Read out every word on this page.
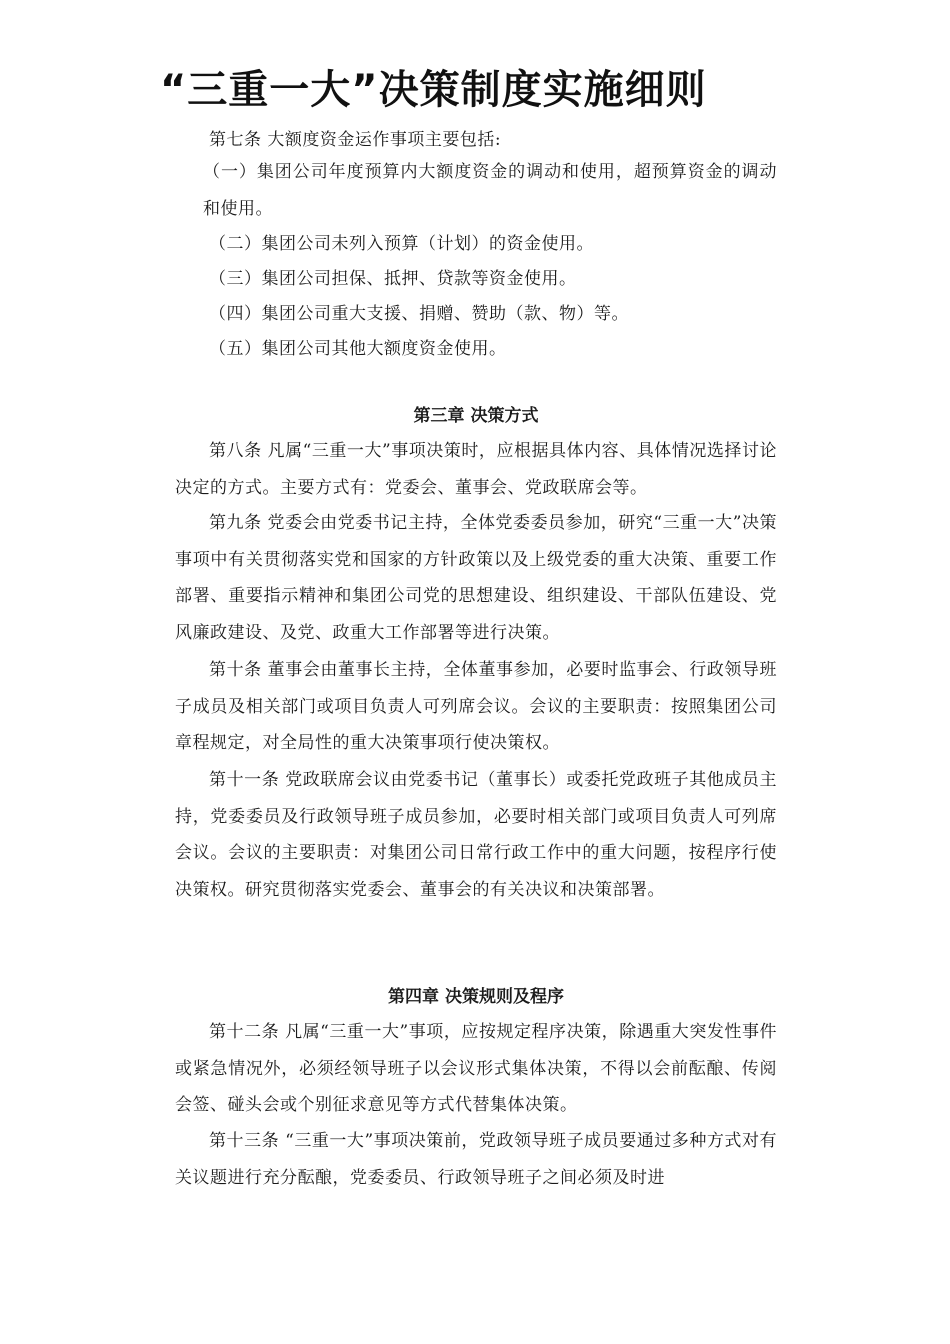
“三重一大”决策制度实施细则
第七条 大额度资金运作事项主要包括:
（一）集团公司年度预算内大额度资金的调动和使用，超预算资金的调动和使用。
（二）集团公司未列入预算（计划）的资金使用。
（三）集团公司担保、抵押、贷款等资金使用。
（四）集团公司重大支援、捐赠、赞助（款、物）等。
（五）集团公司其他大额度资金使用。
第三章 决策方式
第八条 凡属“三重一大”事项决策时，应根据具体内容、具体情况选择讨论决定的方式。主要方式有：党委会、董事会、党政联席会等。
第九条 党委会由党委书记主持，全体党委委员参加，研究“三重一大”决策事项中有关贯彻落实党和国家的方针政策以及上级党委的重大决策、重要工作部署、重要指示精神和集团公司党的思想建设、组织建设、干部队伍建设、党风廉政建设、及党、政重大工作部署等进行决策。
第十条 董事会由董事长主持，全体董事参加，必要时监事会、行政领导班子成员及相关部门或项目负责人可列席会议。会议的主要职责：按照集团公司章程规定，对全局性的重大决策事项行使决策权。
第十一条 党政联席会议由党委书记（董事长）或委托党政班子其他成员主持，党委委员及行政领导班子成员参加，必要时相关部门或项目负责人可列席会议。会议的主要职责：对集团公司日常行政工作中的重大问题，按程序行使决策权。研究贯彻落实党委会、董事会的有关决议和决策部署。
第四章 决策规则及程序
第十二条 凡属“三重一大”事项，应按规定程序决策，除遇重大突发性事件或紧急情况外，必须经领导班子以会议形式集体决策，不得以会前酝酿、传阅会签、碰头会或个别征求意见等方式代替集体决策。
第十三条 “三重一大”事项决策前，党政领导班子成员要通过多种方式对有关议题进行充分酝酿，党委委员、行政领导班子之间必须及时进
